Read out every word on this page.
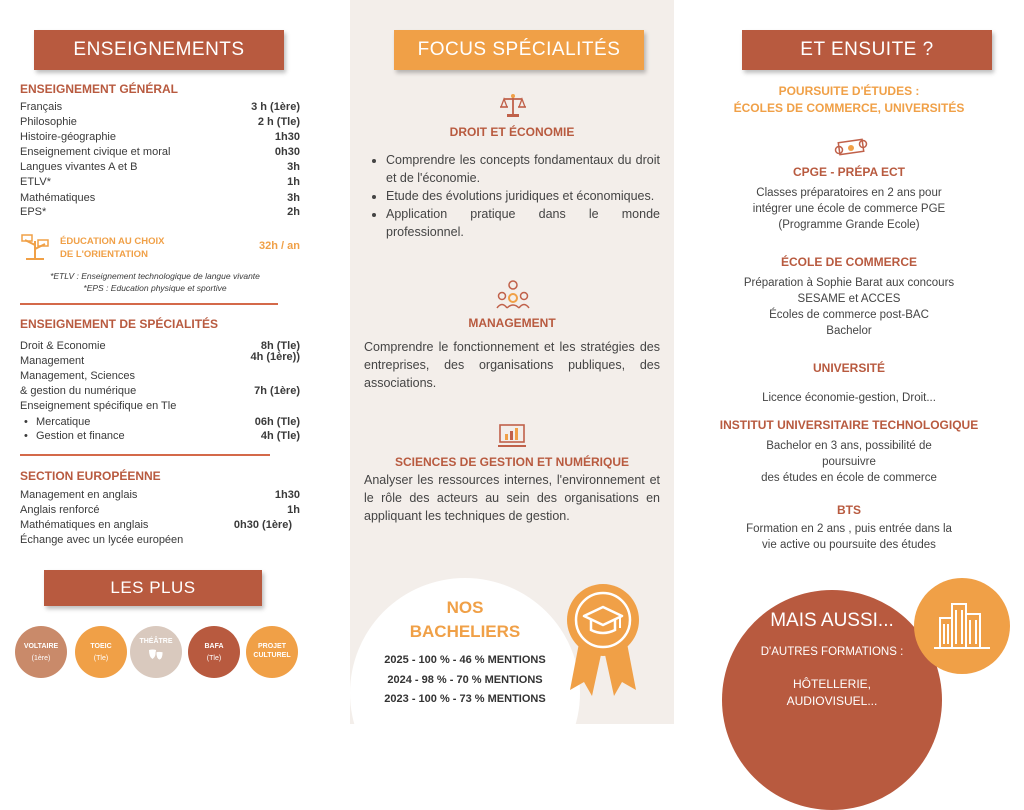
ENSEIGNEMENTS
ENSEIGNEMENT GÉNÉRAL
Français	3 h (1ère)
Philosophie	2 h (Tle)
Histoire-géographie	1h30
Enseignement civique et moral	0h30
Langues vivantes A et B	3h
ETLV*	1h
Mathématiques	3h
EPS*	2h
ÉDUCATION AU CHOIX
DE L'ORIENTATION
32h / an
*ETLV : Enseignement technologique de langue vivante
*EPS : Education physique et sportive
ENSEIGNEMENT DE SPÉCIALITÉS
Droit & Economie	8h (Tle)
Management	4h (1ère))
Management, Sciences
& gestion du numérique	7h (1ère)
Enseignement spécifique en Tle
• Mercatique	06h (Tle)
• Gestion et finance	4h (Tle)
SECTION EUROPÉENNE
Management en anglais	1h30
Anglais renforcé	1h
Mathématiques en anglais	0h30 (1ère)
Échange avec un lycée européen
LES PLUS
VOLTAIRE
(1ère)
TOEIC
(Tle)
THÉÂTRE
BAFA
(Tle)
PROJET CULTUREL
FOCUS SPÉCIALITÉS
DROIT ET ÉCONOMIE
• Comprendre les concepts fondamentaux du droit et de l'économie.
• Etude des évolutions juridiques et économiques.
• Application pratique dans le monde professionnel.
MANAGEMENT
Comprendre le fonctionnement et les stratégies des entreprises, des organisations publiques, des associations.
SCIENCES DE GESTION ET NUMÉRIQUE
Analyser les ressources internes, l'environnement et le rôle des acteurs au sein des organisations en appliquant les techniques de gestion.
NOS
BACHELIERS
2025 - 100 % - 46 % MENTIONS
2024 - 98 % - 70 % MENTIONS
2023 - 100 % - 73 % MENTIONS
ET ENSUITE ?
POURSUITE D'ÉTUDES :
ÉCOLES DE COMMERCE, UNIVERSITÉS
CPGE - PRÉPA ECT
Classes préparatoires en 2 ans pour
intégrer une école de commerce PGE
(Programme Grande Ecole)
ÉCOLE DE COMMERCE
Préparation à Sophie Barat aux concours
SESAME et ACCES
Écoles de commerce post-BAC
Bachelor
UNIVERSITÉ
Licence économie-gestion, Droit...
INSTITUT UNIVERSITAIRE TECHNOLOGIQUE
Bachelor en 3 ans, possibilité de
poursuivre
des études en école de commerce
BTS
Formation en 2 ans , puis entrée dans la
vie active ou poursuite des études
MAIS AUSSI...
D'AUTRES FORMATIONS :
HÔTELLERIE,
AUDIOVISUEL...
